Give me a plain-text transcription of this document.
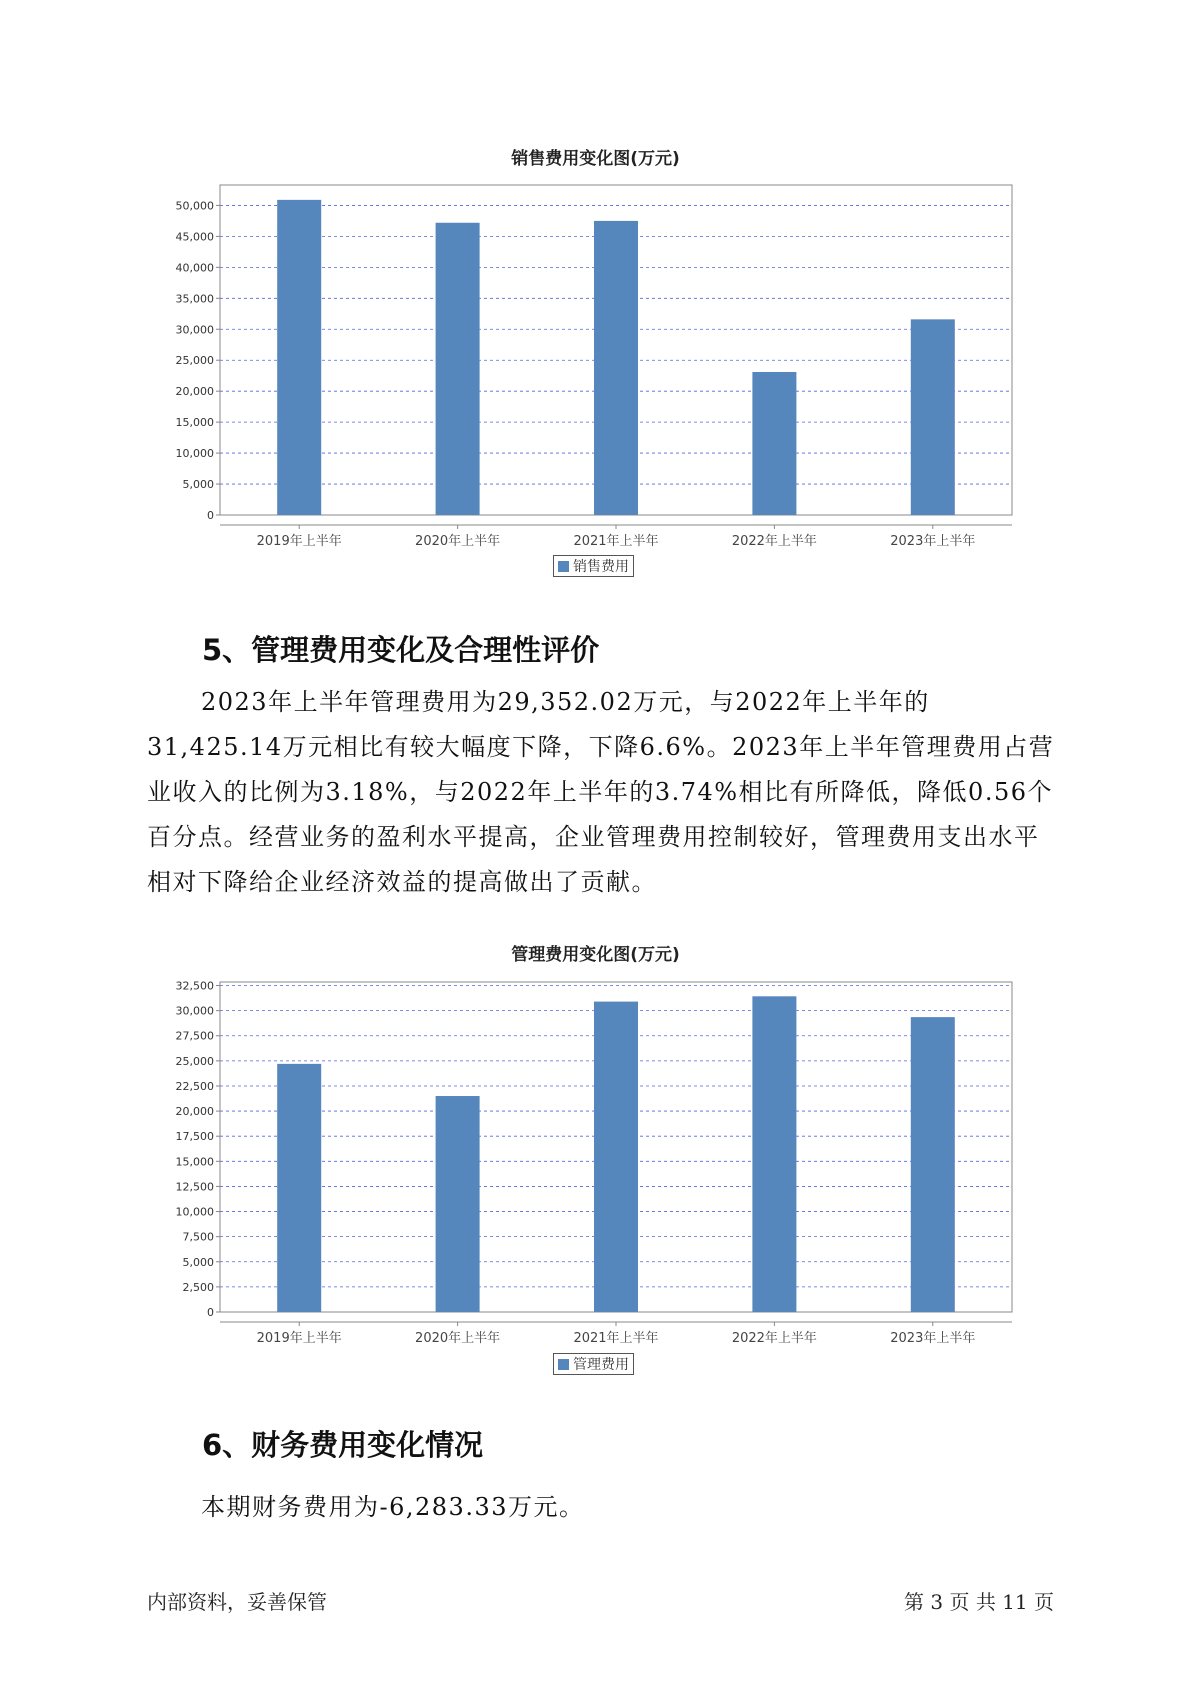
销售费用变化图(万元)
0
5,000
10,000
15,000
20,000
25,000
30,000
35,000
40,000
45,000
50,000
2019年上半年	2020年上半年	2021年上半年	2022年上半年	2023年上半年
销售费用
5、管理费用变化及合理性评价

2023年上半年管理费用为29,352.02万元，与2022年上半年的31,425.14万元相比有较大幅度下降，下降6.6%。2023年上半年管理费用占营业收入的比例为3.18%，与2022年上半年的3.74%相比有所降低，降低0.56个百分点。经营业务的盈利水平提高，企业管理费用控制较好，管理费用支出水平相对下降给企业经济效益的提高做出了贡献。

管理费用变化图(万元)
0
2,500
5,000
7,500
10,000
12,500
15,000
17,500
20,000
22,500
25,000
27,500
30,000
32,500
2019年上半年	2020年上半年	2021年上半年	2022年上半年	2023年上半年
管理费用
6、财务费用变化情况
本期财务费用为-6,283.33万元。
内部资料，妥善保管	第 3 页 共 11 页
